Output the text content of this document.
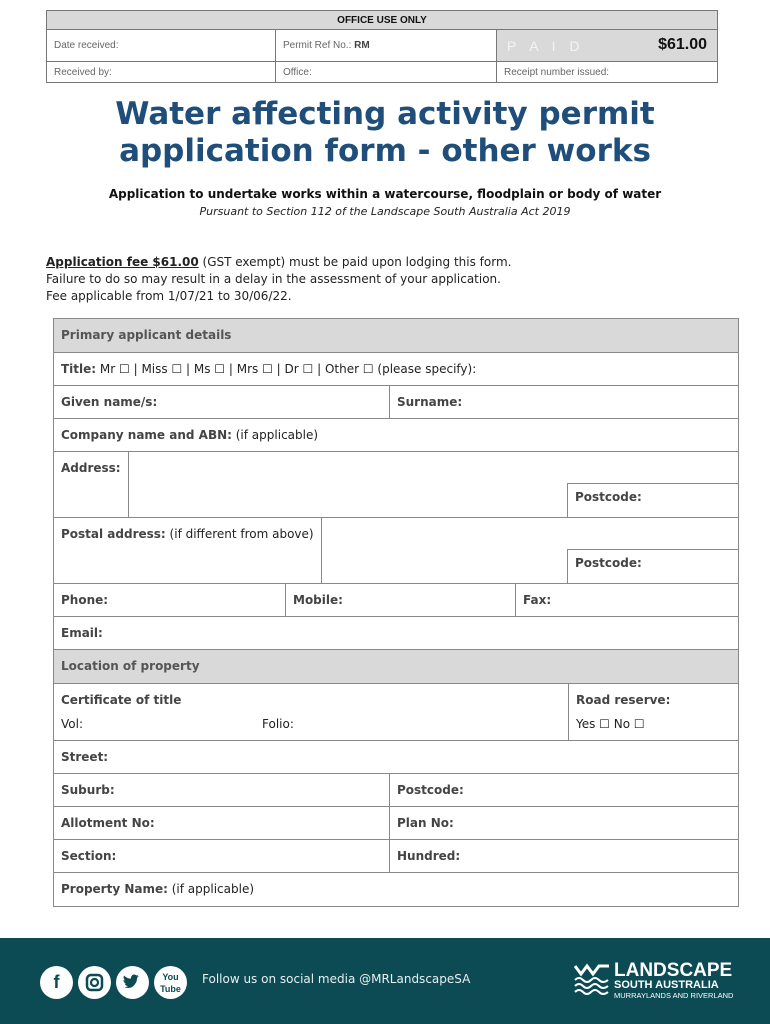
OFFICE USE ONLY		
Date received:	Permit Ref No.: RM	P A I D $61.00

Received by:	Office:	Receipt number issued:
Water affecting activity permit
application form - other works
Application to undertake works within a watercourse, floodplain or body of water
Pursuant to Section 112 of the Landscape South Australia Act 2019
Application fee $61.00 (GST exempt) must be paid upon lodging this form.
Failure to do so may result in a delay in the assessment of your application.
Fee applicable from 1/07/21 to 30/06/22.
Primary applicant details
Title: Mr ☐ | Miss ☐ | Ms ☐ | Mrs ☐ | Dr ☐ | Other ☐ (please specify):
Given name/s:	Surname:
Company name and ABN: (if applicable)
Address:
Postcode:
Postal address: (if different from above)
Postcode:
Phone:	Mobile:	Fax:
Email:
Location of property
Certificate of title
Vol:	Folio:
Road reserve:
Yes ☐ No ☐
Street:
Suburb:	Postcode:
Allotment No:	Plan No:
Section:	Hundred:
Property Name: (if applicable)
f	You Tube
Follow us on social media @MRLandscapeSA	LANDSCAPE
SOUTH AUSTRALIA
MURRAYLANDS AND RIVERLAND
